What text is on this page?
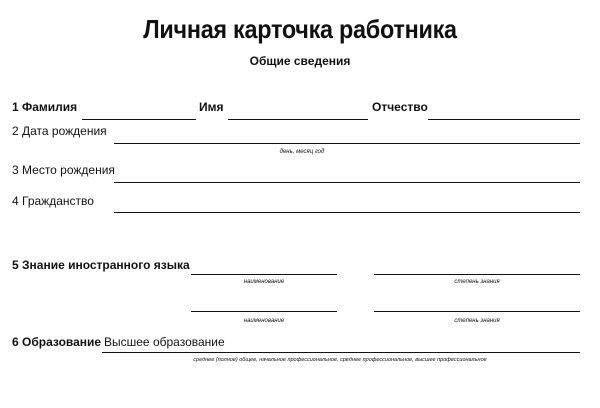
Личная карточка работника
Общие сведения
1 Фамилия	Имя	Отчество
2 Дата рождения
день, месяц год
3 Место рождения
4 Гражданство
5 Знание иностранного языка
наименование	степень знания
наименование	степень знания
6 Образование Высшее образование
среднее (полное) общее, начальное профессиональное, среднее профессиональное, высшее профессиональное
